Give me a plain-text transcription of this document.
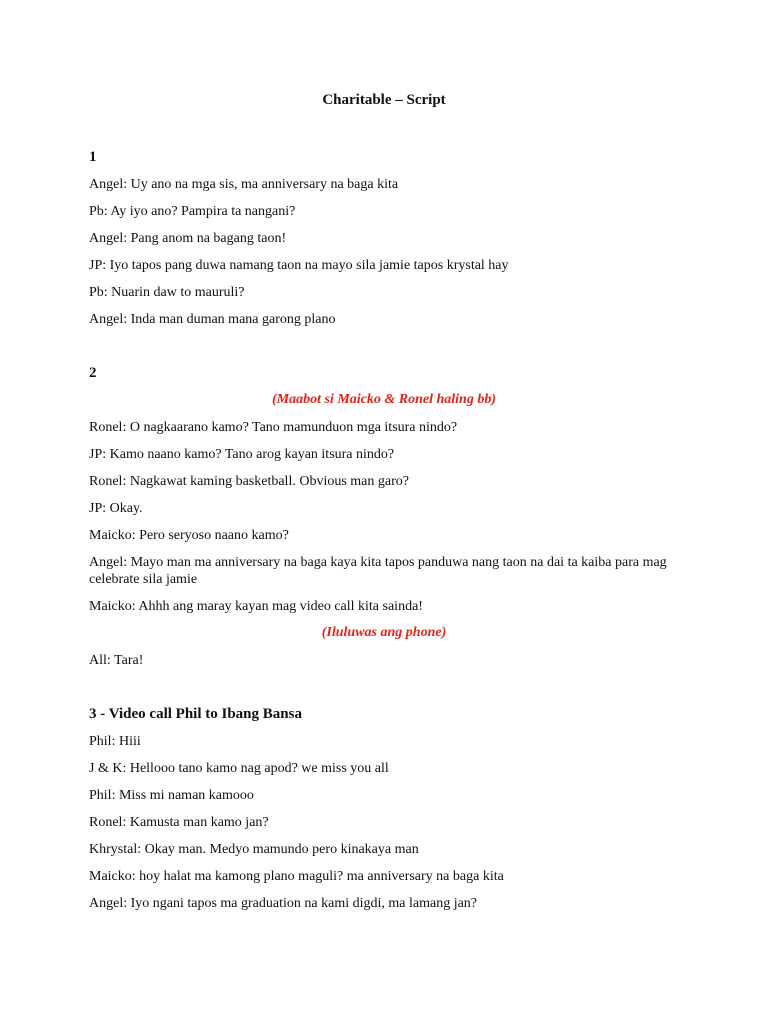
Charitable – Script
1
Angel: Uy ano na mga sis, ma anniversary na baga kita
Pb: Ay iyo ano? Pampira ta nangani?
Angel: Pang anom na bagang taon!
JP: Iyo tapos pang duwa namang taon na mayo sila jamie tapos krystal hay
Pb: Nuarin daw to mauruli?
Angel: Inda man duman mana garong plano
2
(Maabot si Maicko & Ronel haling bb)
Ronel: O nagkaarano kamo? Tano mamunduon mga itsura nindo?
JP: Kamo naano kamo? Tano arog kayan itsura nindo?
Ronel: Nagkawat kaming basketball. Obvious man garo?
JP: Okay.
Maicko: Pero seryoso naano kamo?
Angel: Mayo man ma anniversary na baga kaya kita tapos panduwa nang taon na dai ta kaiba para mag celebrate sila jamie
Maicko: Ahhh ang maray kayan mag video call kita sainda!
(Iluluwas ang phone)
All: Tara!
3 - Video call Phil to Ibang Bansa
Phil: Hiii
J & K: Hellooo tano kamo nag apod? we miss you all
Phil: Miss mi naman kamooo
Ronel: Kamusta man kamo jan?
Khrystal: Okay man. Medyo mamundo pero kinakaya man
Maicko: hoy halat ma kamong plano maguli? ma anniversary na baga kita
Angel: Iyo ngani tapos ma graduation na kami digdi, ma lamang jan?
